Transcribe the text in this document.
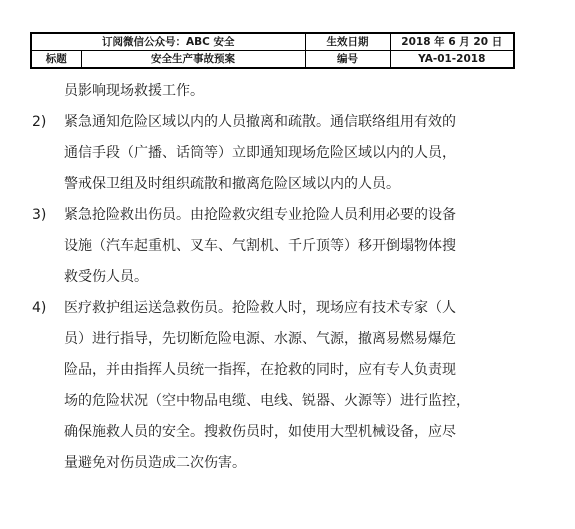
订阅微信公众号：ABC 安全		生效日期	2018 年 6 月 20 日
标题	安全生产事故预案	编号	YA-01-2018
员影响现场救援工作。
2) 紧急通知危险区域以内的人员撤离和疏散。通信联络组用有效的
通信手段（广播、话筒等）立即通知现场危险区域以内的人员，
警戒保卫组及时组织疏散和撤离危险区域以内的人员。
3) 紧急抢险救出伤员。由抢险救灾组专业抢险人员利用必要的设备
设施（汽车起重机、叉车、气割机、千斤顶等）移开倒塌物体搜
救受伤人员。
4) 医疗救护组运送急救伤员。抢险救人时，现场应有技术专家（人
员）进行指导，先切断危险电源、水源、气源，撤离易燃易爆危
险品，并由指挥人员统一指挥，在抢救的同时，应有专人负责现
场的危险状况（空中物品电缆、电线、锐器、火源等）进行监控，
确保施救人员的安全。搜救伤员时，如使用大型机械设备，应尽
量避免对伤员造成二次伤害。
